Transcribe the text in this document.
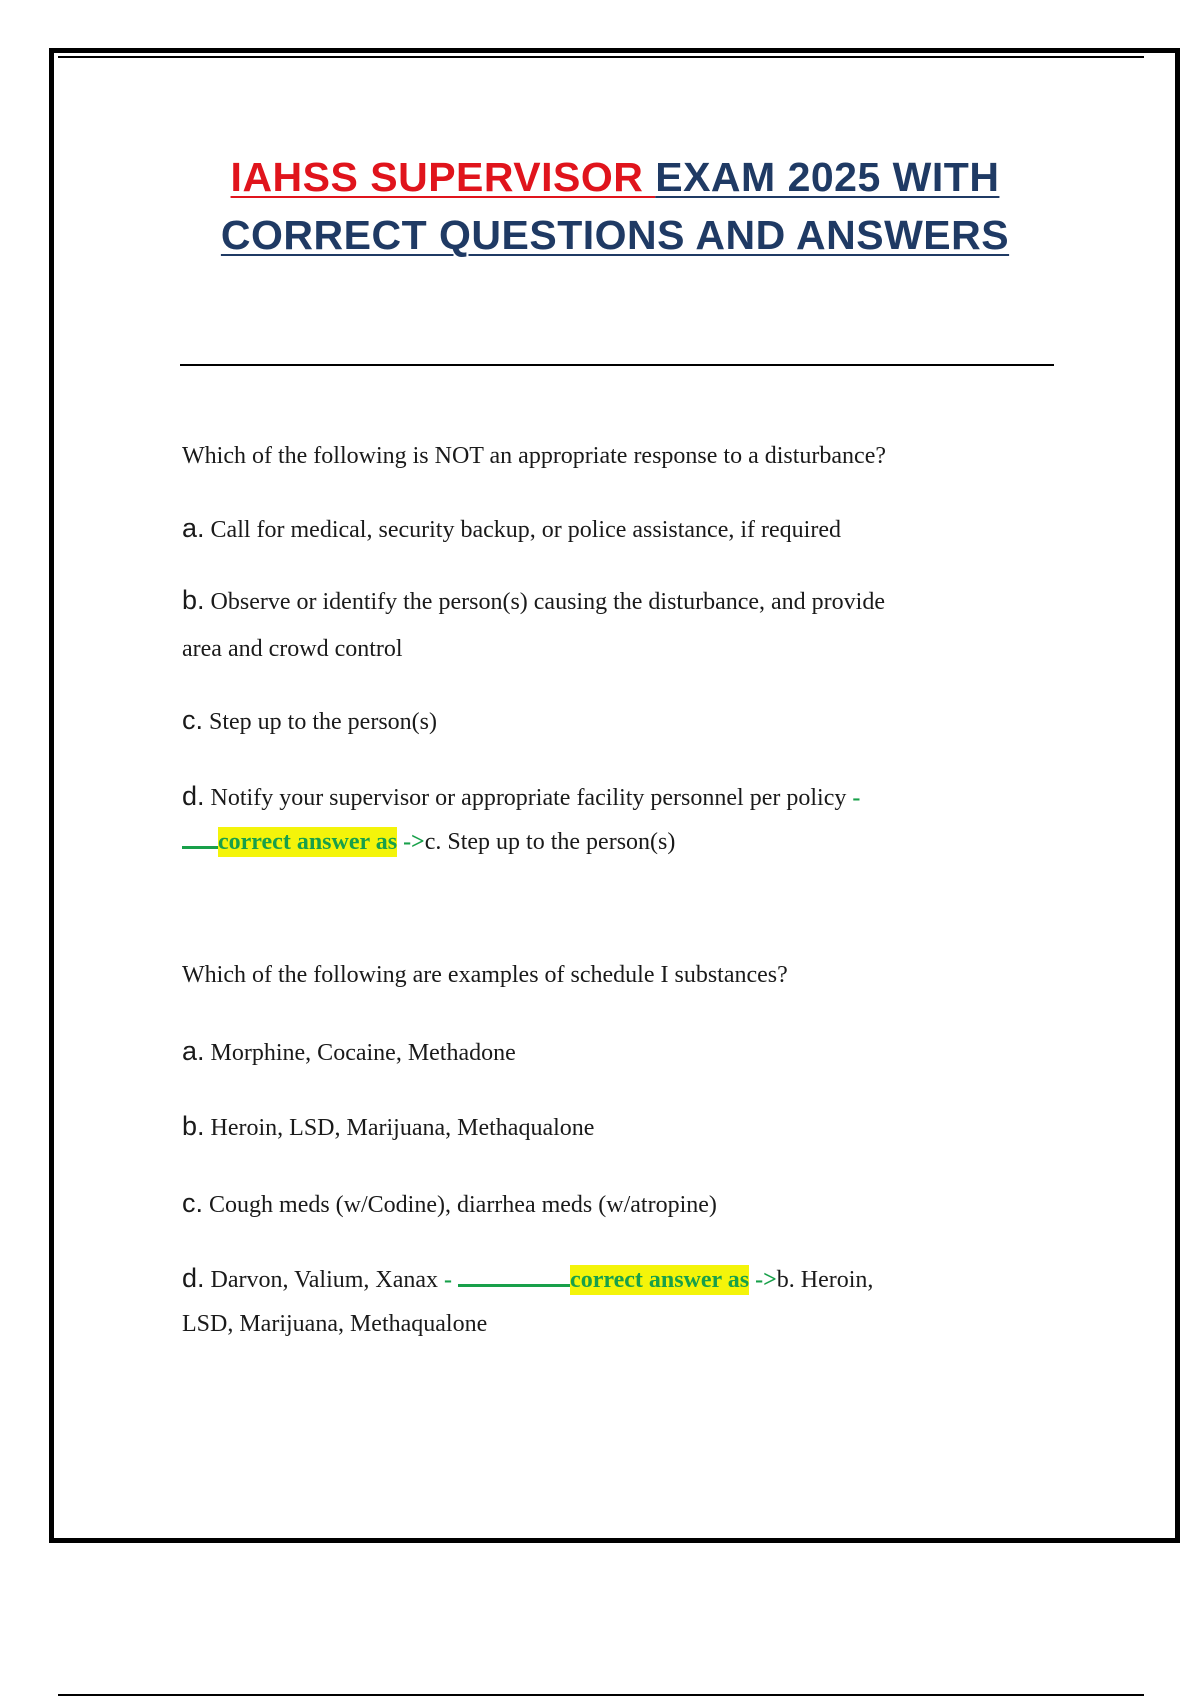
IAHSS SUPERVISOR EXAM 2025 WITH
CORRECT QUESTIONS AND ANSWERS
Which of the following is NOT an appropriate response to a disturbance?
a. Call for medical, security backup, or police assistance, if required
b. Observe or identify the person(s) causing the disturbance, and provide
area and crowd control
c. Step up to the person(s)
d. Notify your supervisor or appropriate facility personnel per policy -
correct answer as ->c. Step up to the person(s)
Which of the following are examples of schedule I substances?
a. Morphine, Cocaine, Methadone
b. Heroin, LSD, Marijuana, Methaqualone
c. Cough meds (w/Codine), diarrhea meds (w/atropine)
d. Darvon, Valium, Xanax -	correct answer as ->b. Heroin,
LSD, Marijuana, Methaqualone
